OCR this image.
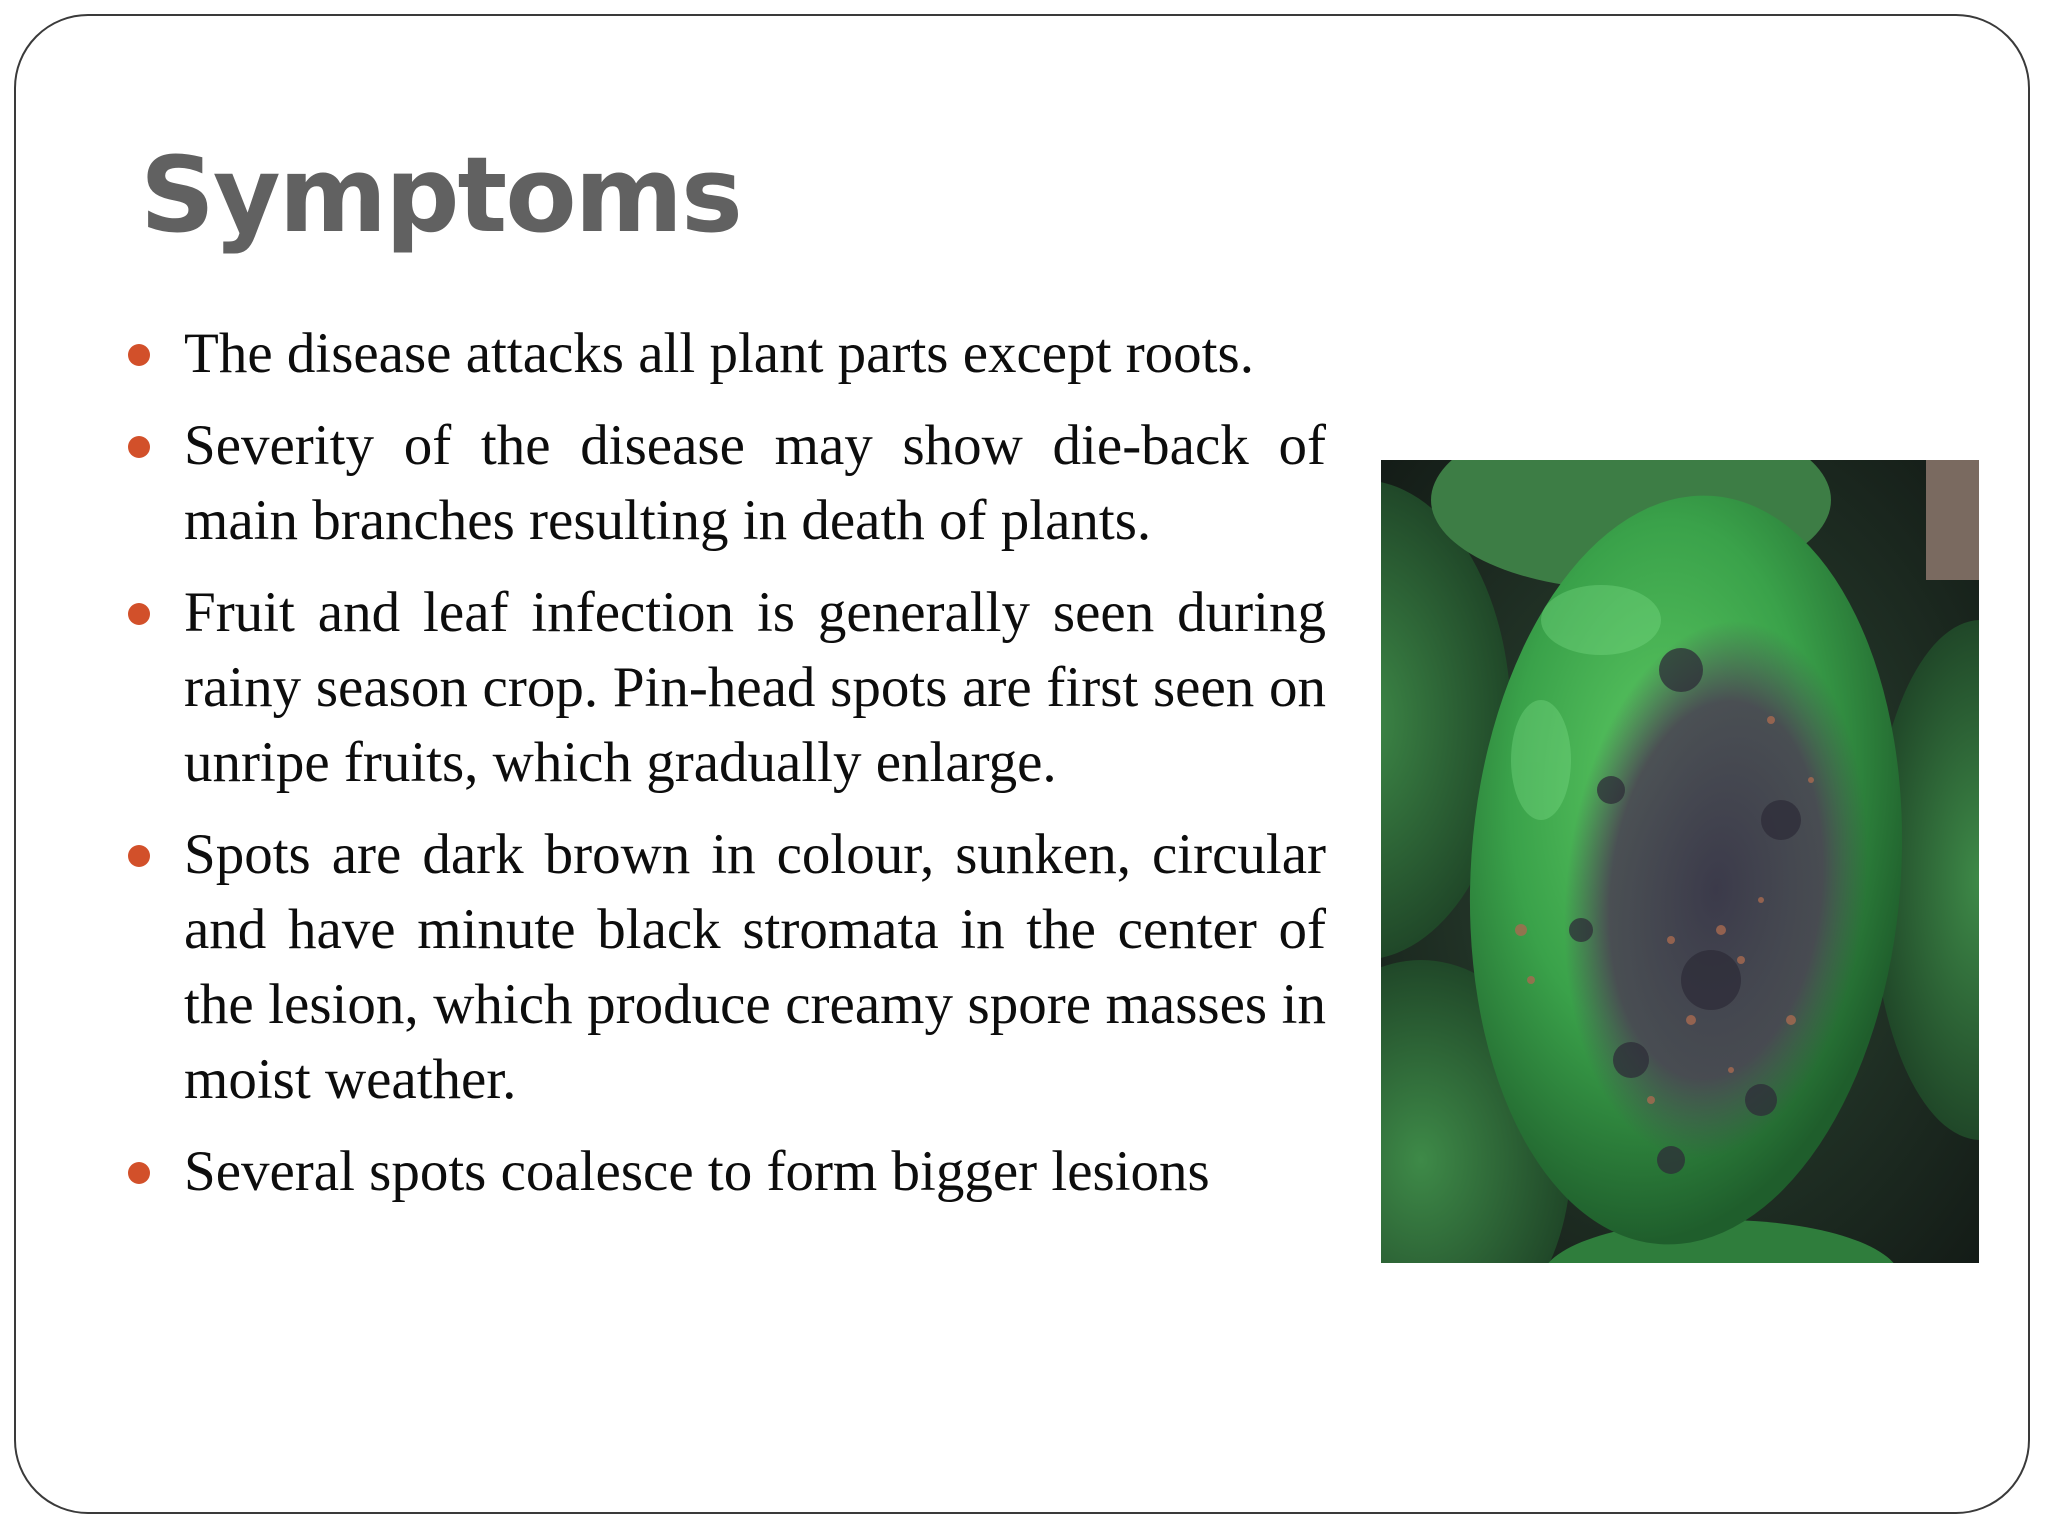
Symptoms
The disease attacks all plant parts except roots.
Severity of the disease may show die-back of main branches resulting in death of plants.
Fruit and leaf infection is generally seen during rainy season crop. Pin-head spots are first seen on unripe fruits, which gradually enlarge.
Spots are dark brown in colour, sunken, circular and have minute black stromata in the center of the lesion, which produce creamy spore masses in moist weather.
Several spots coalesce to form bigger lesions
